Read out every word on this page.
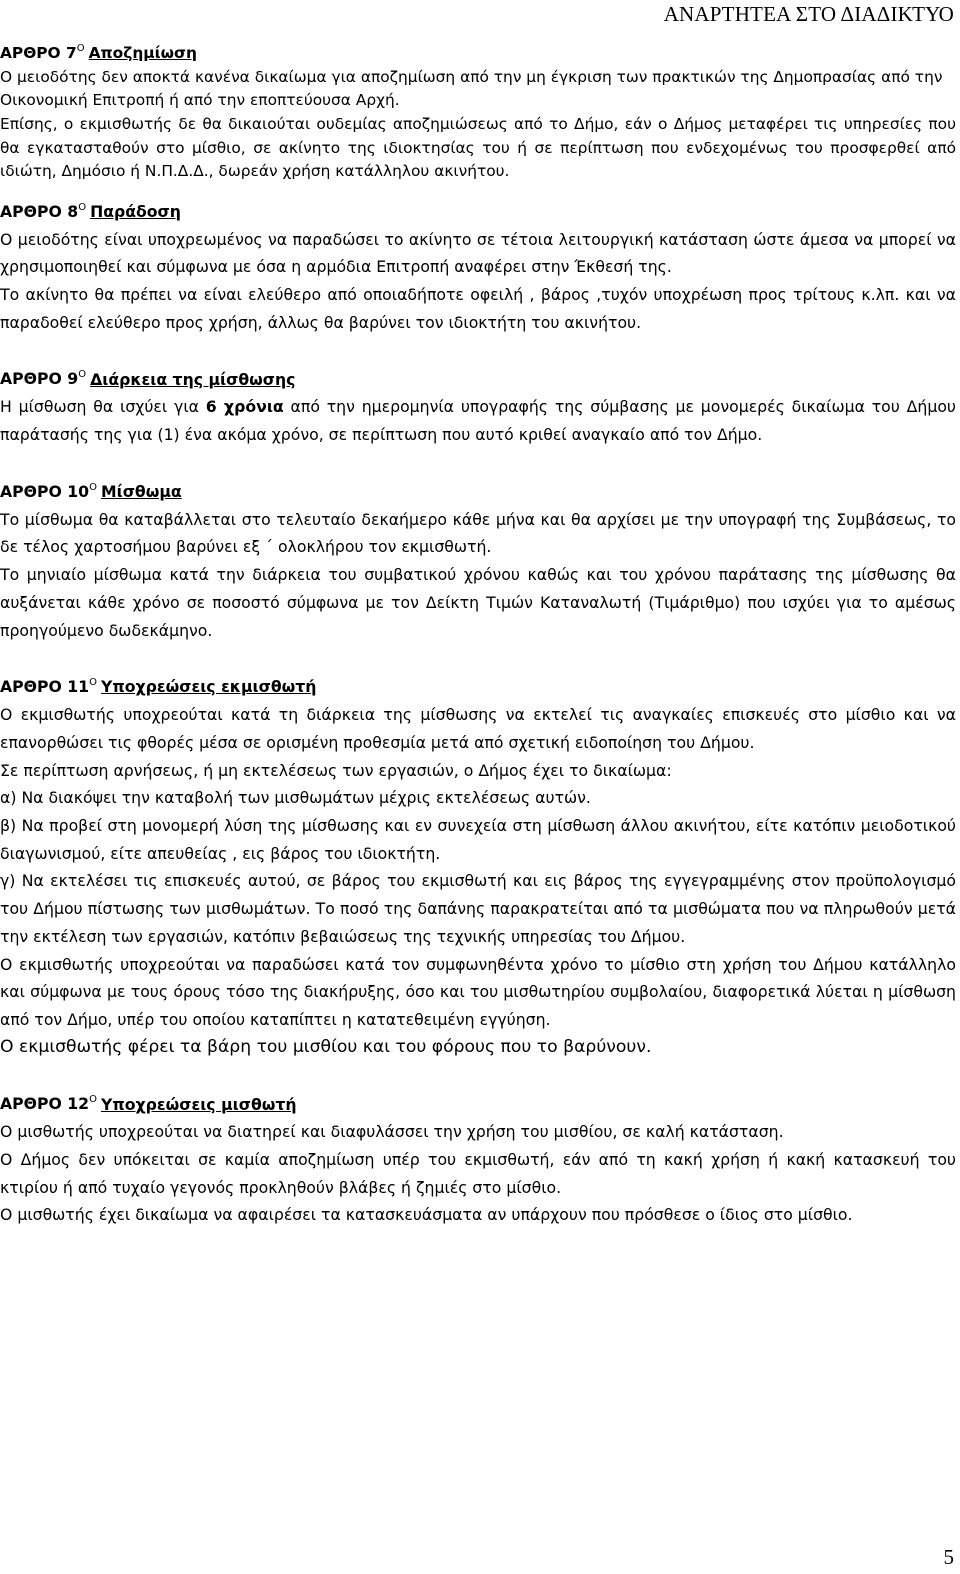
ΑΝΑΡΤΗΤΕΑ ΣΤΟ ΔΙΑΔΙΚΤΥΟ
ΑΡΘΡΟ $7^O$ Αποζημίωση

Ο μειοδότης δεν αποκτά κανένα δικαίωμα για αποζημίωση από την μη έγκριση των πρακτικών της Δημοπρασίας από την Οικονομική Επιτροπή ή από την εποπτεύουσα Αρχή.

Επίσης, ο εκμισθωτής δε θα δικαιούται ουδεμίας αποζημιώσεως από το Δήμο, εάν ο Δήμος μεταφέρει τις υπηρεσίες που θα εγκατασταθούν στο μίσθιο, σε ακίνητο της ιδιοκτησίας του ή σε περίπτωση που ενδεχομένως του προσφερθεί από ιδιώτη, Δημόσιο ή Ν.Π.Δ.Δ., δωρεάν χρήση κατάλληλου ακινήτου.

ΑΡΘΡΟ $8^O$ Παράδοση

Ο μειοδότης είναι υποχρεωμένος να παραδώσει το ακίνητο σε τέτοια λειτουργική κατάσταση ώστε άμεσα να μπορεί να χρησιμοποιηθεί και σύμφωνα με όσα η αρμόδια Επιτροπή αναφέρει στην Έκθεσή της.

Το ακίνητο θα πρέπει να είναι ελεύθερο από οποιαδήποτε οφειλή , βάρος ,τυχόν υποχρέωση προς τρίτους κ.λπ. και να παραδοθεί ελεύθερο προς χρήση, άλλως θα βαρύνει τον ιδιοκτήτη του ακινήτου.

ΑΡΘΡΟ $9^O$ Διάρκεια της μίσθωσης

Η μίσθωση θα ισχύει για 6 χρόνια από την ημερομηνία υπογραφής της σύμβασης με μονομερές δικαίωμα του Δήμου παράτασής της για (1) ένα ακόμα χρόνο, σε περίπτωση που αυτό κριθεί αναγκαίο από τον Δήμο.

ΑΡΘΡΟ $10^O$ Μίσθωμα

Το μίσθωμα θα καταβάλλεται στο τελευταίο δεκαήμερο κάθε μήνα και θα αρχίσει με την υπογραφή της Συμβάσεως, το δε τέλος χαρτοσήμου βαρύνει εξ ΄ ολοκλήρου τον εκμισθωτή.

Το μηνιαίο μίσθωμα κατά την διάρκεια του συμβατικού χρόνου καθώς και του χρόνου παράτασης της μίσθωσης θα αυξάνεται κάθε χρόνο σε ποσοστό σύμφωνα με τον Δείκτη Τιμών Καταναλωτή (Τιμάριθμο) που ισχύει για το αμέσως προηγούμενο δωδεκάμηνο.

ΑΡΘΡΟ $11^O$ Υποχρεώσεις εκμισθωτή

Ο εκμισθωτής υποχρεούται κατά τη διάρκεια της μίσθωσης να εκτελεί τις αναγκαίες επισκευές στο μίσθιο και να επανορθώσει τις φθορές μέσα σε ορισμένη προθεσμία μετά από σχετική ειδοποίηση του Δήμου.

Σε περίπτωση αρνήσεως, ή μη εκτελέσεως των εργασιών, ο Δήμος έχει το δικαίωμα:

α) Να διακόψει την καταβολή των μισθωμάτων μέχρις εκτελέσεως αυτών.

β) Να προβεί στη μονομερή λύση της μίσθωσης και εν συνεχεία στη μίσθωση άλλου ακινήτου, είτε κατόπιν μειοδοτικού διαγωνισμού, είτε απευθείας , εις βάρος του ιδιοκτήτη.

γ) Να εκτελέσει τις επισκευές αυτού, σε βάρος του εκμισθωτή και εις βάρος της εγγεγραμμένης στον προϋπολογισμό του Δήμου πίστωσης των μισθωμάτων. Το ποσό της δαπάνης παρακρατείται από τα μισθώματα που να πληρωθούν μετά την εκτέλεση των εργασιών, κατόπιν βεβαιώσεως της τεχνικής υπηρεσίας του Δήμου.

Ο εκμισθωτής υποχρεούται να παραδώσει κατά τον συμφωνηθέντα χρόνο το μίσθιο στη χρήση του Δήμου κατάλληλο και σύμφωνα με τους όρους τόσο της διακήρυξης, όσο και του μισθωτηρίου συμβολαίου, διαφορετικά λύεται η μίσθωση από τον Δήμο, υπέρ του οποίου καταπίπτει η κατατεθειμένη εγγύηση.

Ο εκμισθωτής φέρει τα βάρη του μισθίου και του φόρους που το βαρύνουν.

ΑΡΘΡΟ $12^O$ Υποχρεώσεις μισθωτή

Ο μισθωτής υποχρεούται να διατηρεί και διαφυλάσσει την χρήση του μισθίου, σε καλή κατάσταση.

Ο Δήμος δεν υπόκειται σε καμία αποζημίωση υπέρ του εκμισθωτή, εάν από τη κακή χρήση ή κακή κατασκευή του κτιρίου ή από τυχαίο γεγονός προκληθούν βλάβες ή ζημιές στο μίσθιο.

Ο μισθωτής έχει δικαίωμα να αφαιρέσει τα κατασκευάσματα αν υπάρχουν που πρόσθεσε ο ίδιος στο μίσθιο.

5
